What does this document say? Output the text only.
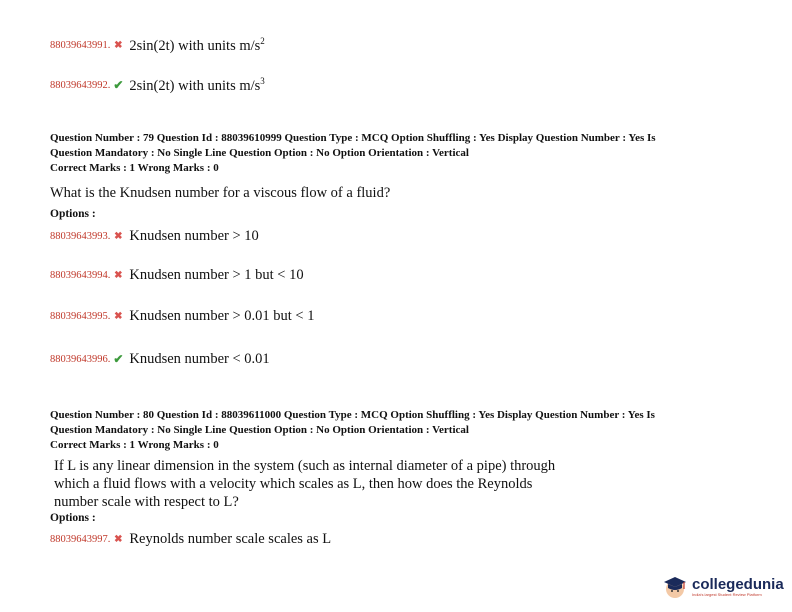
88039643991. ✖ 2sin(2t) with units $m/s^2$
88039643992. ✔ 2sin(2t) with units $m/s^3$
Question Number : 79 Question Id : 88039610999 Question Type : MCQ Option Shuffling : Yes Display Question Number : Yes Is
Question Mandatory : No Single Line Question Option : No Option Orientation : Vertical
Correct Marks : 1 Wrong Marks : 0
What is the Knudsen number for a viscous flow of a fluid?
Options :
88039643993. ✖ Knudsen number > 10
88039643994. ✖ Knudsen number > 1 but < 10
88039643995. ✖ Knudsen number > 0.01 but < 1
88039643996. ✔ Knudsen number < 0.01
Question Number : 80 Question Id : 88039611000 Question Type : MCQ Option Shuffling : Yes Display Question Number : Yes Is
Question Mandatory : No Single Line Question Option : No Option Orientation : Vertical
Correct Marks : 1 Wrong Marks : 0
If L is any linear dimension in the system (such as internal diameter of a pipe) through
which a fluid flows with a velocity which scales as L, then how does the Reynolds
number scale with respect to L?
Options :
88039643997. ✖ Reynolds number scale scales as L
collegedunia
India's largest Student Review Platform
